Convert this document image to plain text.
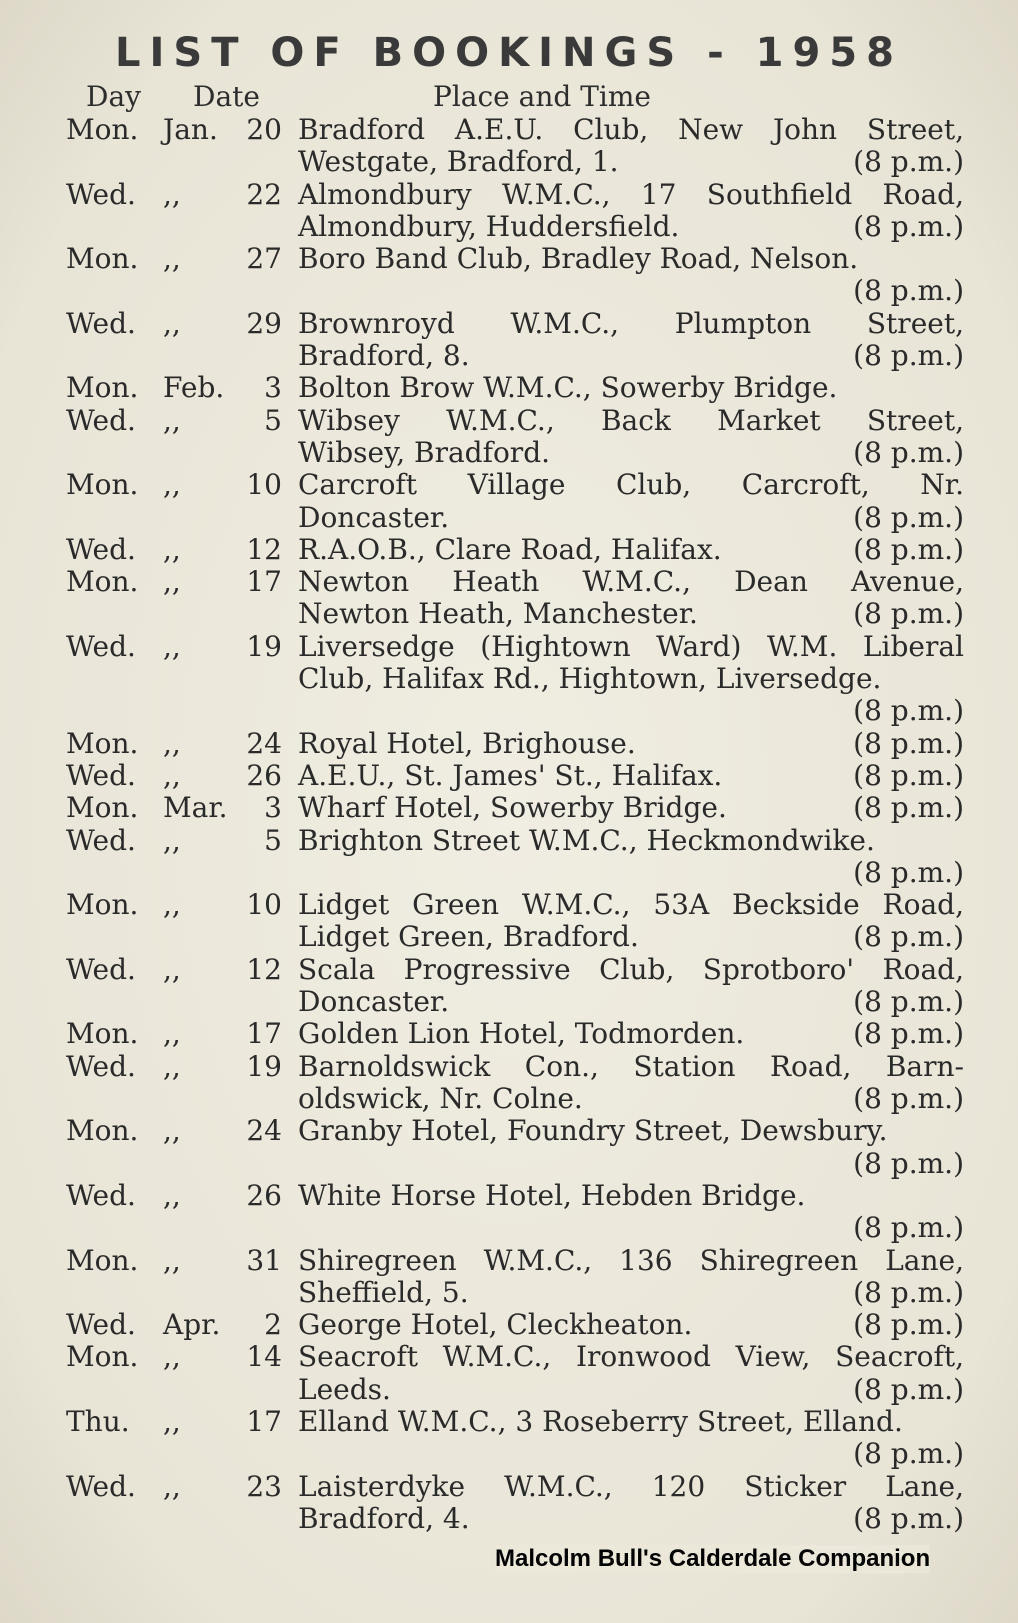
LIST OF BOOKINGS - 1958
Day Date	Place and Time
Mon. Jan.	20 Bradford A.E.U. Club, New John Street,
Westgate, Bradford, 1.	(8 p.m.)
Wed. ,,	22 Almondbury W.M.C., 17 Southfield Road,
Almondbury, Huddersfield.	(8 p.m.)
Mon. ,,	27 Boro Band Club, Bradley Road, Nelson.
(8 p.m.)
Wed. ,,	29 Brownroyd W.M.C., Plumpton Street,
Bradford, 8.	(8 p.m.)
Mon. Feb.	3 Bolton Brow W.M.C., Sowerby Bridge.
Wed. ,,	5 Wibsey W.M.C., Back Market Street,
Wibsey, Bradford.	(8 p.m.)
Mon. ,,	10 Carcroft Village Club, Carcroft, Nr.
Doncaster.	(8 p.m.)
Wed. ,,	12 R.A.O.B., Clare Road, Halifax.	(8 p.m.)
Mon. ,,	17 Newton Heath W.M.C., Dean Avenue,
Newton Heath, Manchester.	(8 p.m.)
Wed. ,,	19 Liversedge (Hightown Ward) W.M. Liberal
Club, Halifax Rd., Hightown, Liversedge.
(8 p.m.)
Mon. ,,	24 Royal Hotel, Brighouse.	(8 p.m.)
Wed. ,,	26 A.E.U., St. James' St., Halifax.	(8 p.m.)
Mon. Mar.	3 Wharf Hotel, Sowerby Bridge.	(8 p.m.)
Wed. ,,	5 Brighton Street W.M.C., Heckmondwike.
(8 p.m.)
Mon. ,,	10 Lidget Green W.M.C., 53A Beckside Road,
Lidget Green, Bradford.	(8 p.m.)
Wed. ,,	12 Scala Progressive Club, Sprotboro' Road,
Doncaster.	(8 p.m.)
Mon. ,,	17 Golden Lion Hotel, Todmorden.	(8 p.m.)
Wed. ,,	19 Barnoldswick Con., Station Road, Barn-
oldswick, Nr. Colne.	(8 p.m.)
Mon. ,,	24 Granby Hotel, Foundry Street, Dewsbury.
(8 p.m.)
Wed. ,,	26 White Horse Hotel, Hebden Bridge.
(8 p.m.)
Mon. ,,	31 Shiregreen W.M.C., 136 Shiregreen Lane,
Sheffield, 5.	(8 p.m.)
Wed. Apr.	2 George Hotel, Cleckheaton.	(8 p.m.)
Mon. ,,	14 Seacroft W.M.C., Ironwood View, Seacroft,
Leeds.	(8 p.m.)
Thu. ,,	17 Elland W.M.C., 3 Roseberry Street, Elland.
(8 p.m.)
Wed. ,,	23 Laisterdyke W.M.C., 120 Sticker Lane,
Bradford, 4.	(8 p.m.)
Malcolm Bull's Calderdale Companion
